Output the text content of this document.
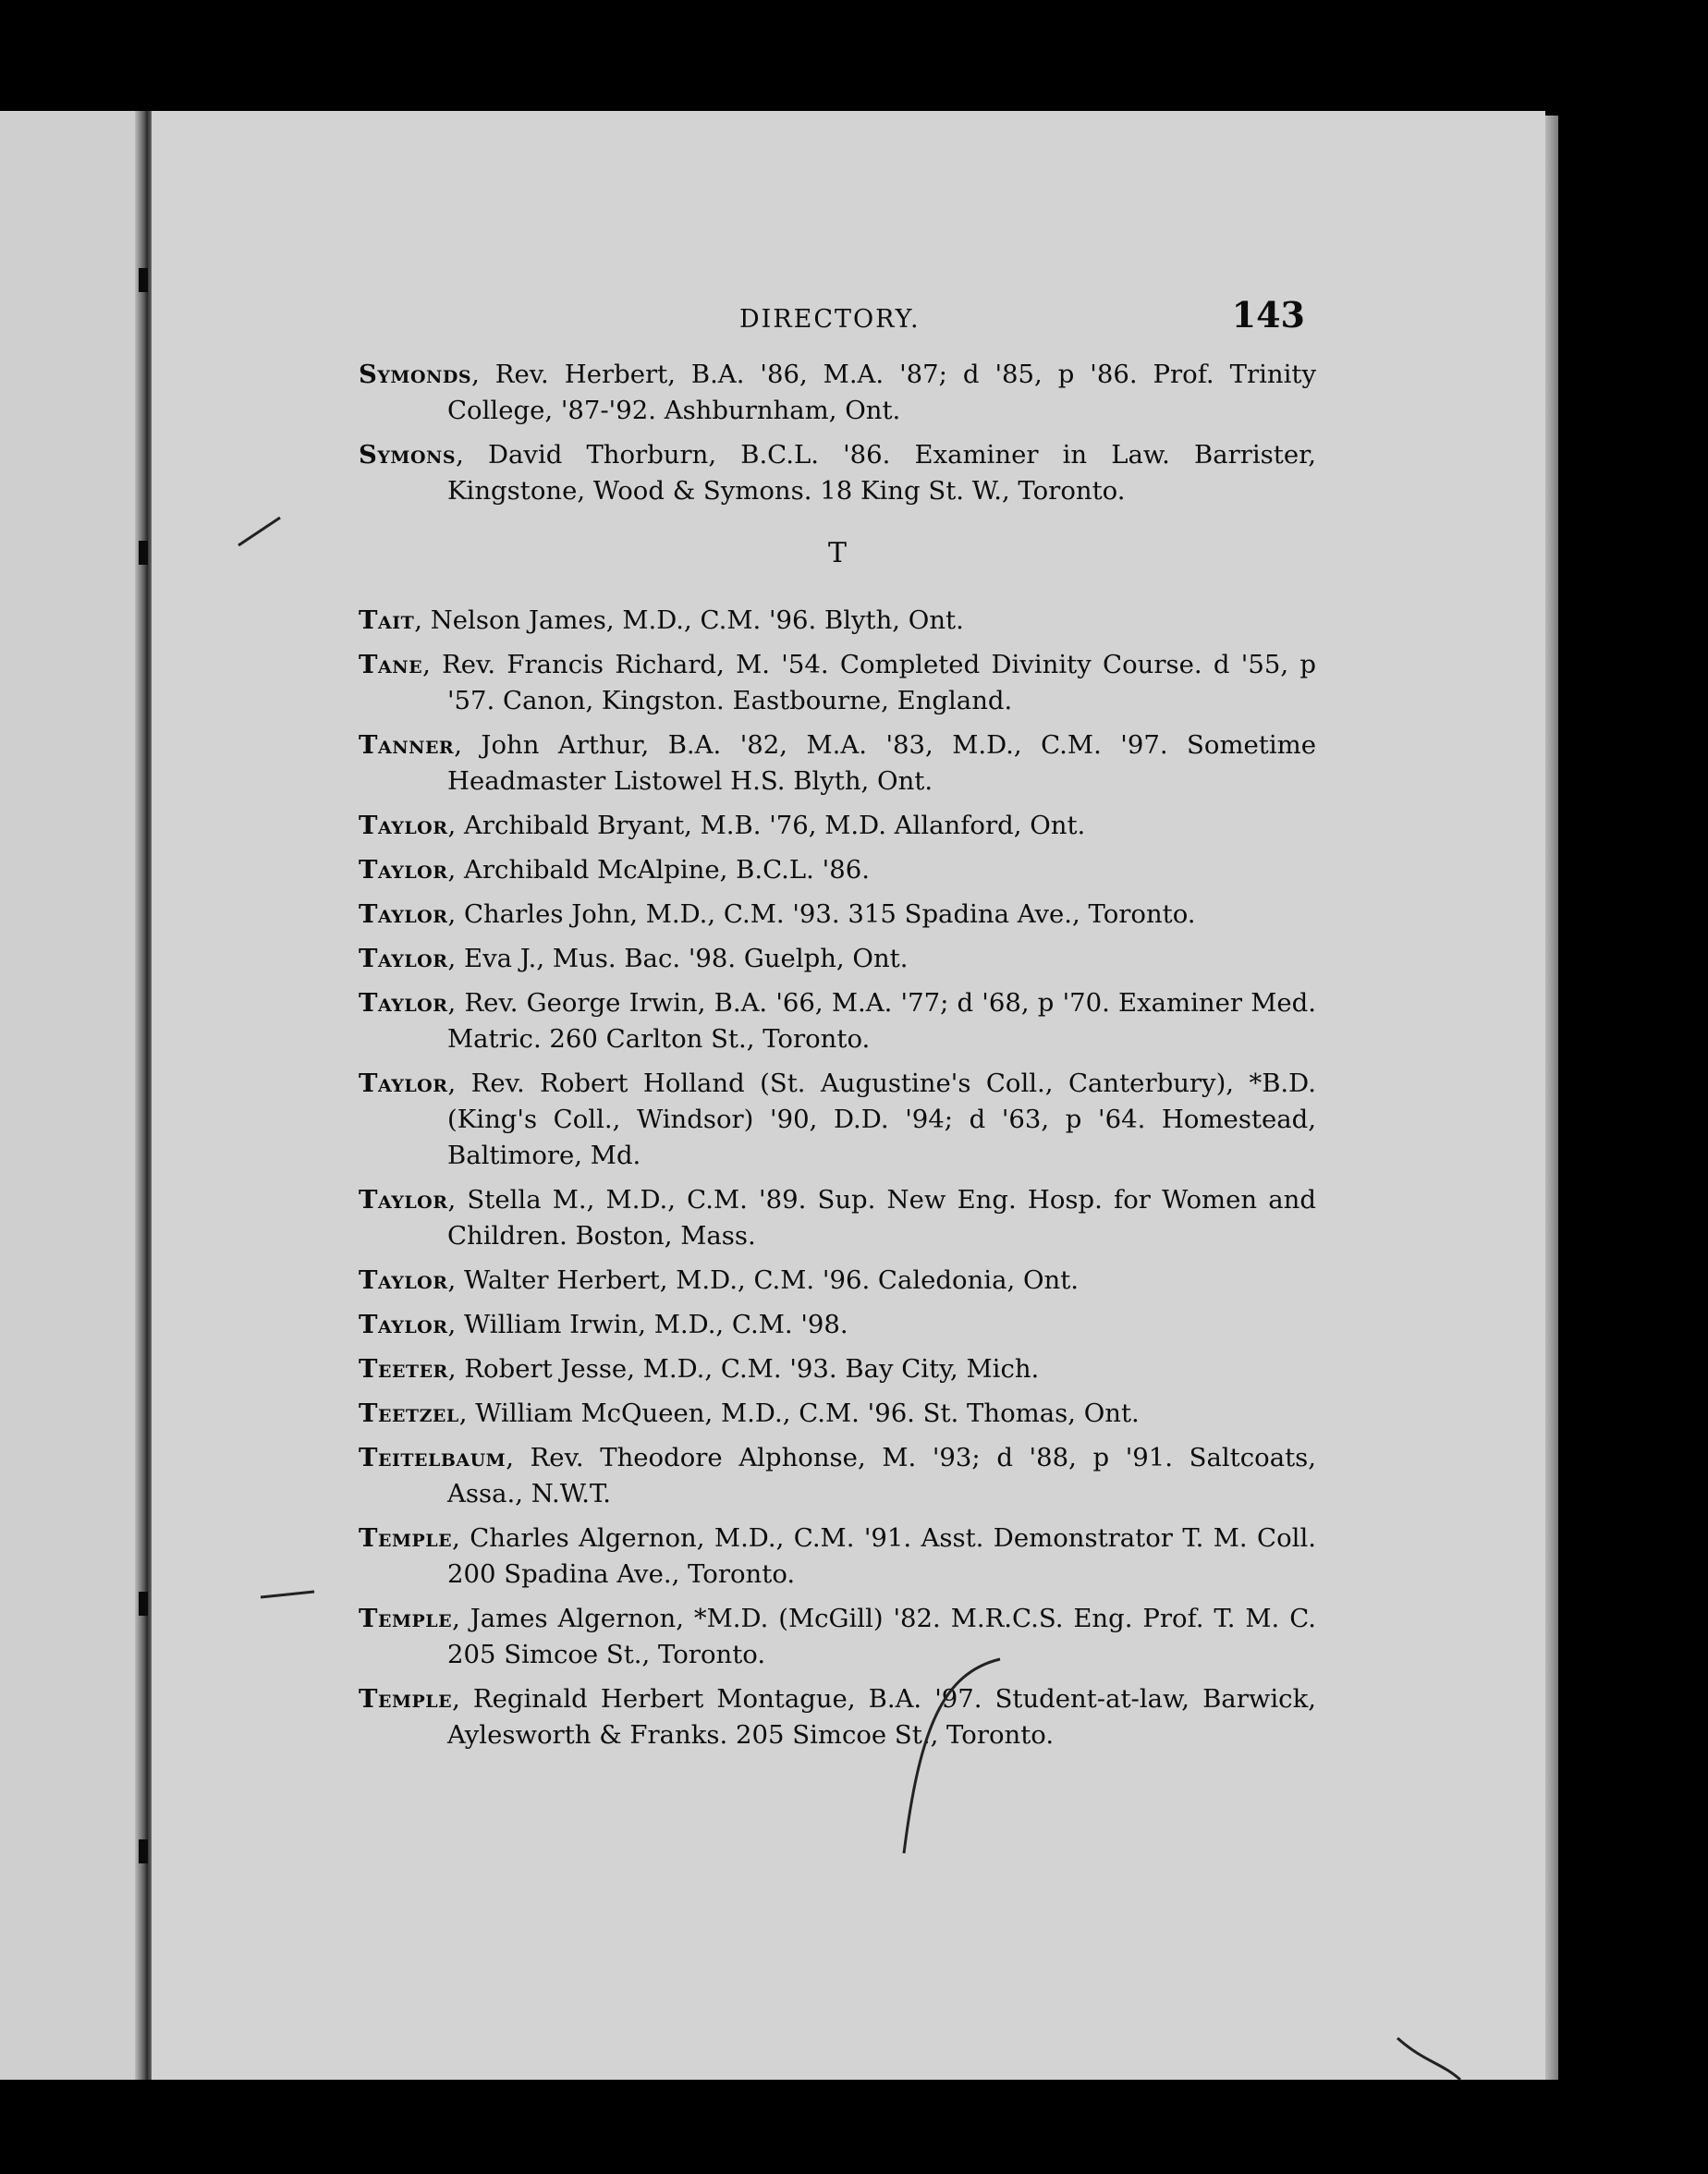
DIRECTORY.	143
Symonds, Rev. Herbert, B.A. '86, M.A. '87; d '85, p '86. Prof. Trinity College, '87-'92. Ashburnham, Ont.
Symons, David Thorburn, B.C.L. '86. Examiner in Law. Barrister, Kingstone, Wood & Symons. 18 King St. W., Toronto.
T
Tait, Nelson James, M.D., C.M. '96. Blyth, Ont.
Tane, Rev. Francis Richard, M. '54. Completed Divinity Course. d '55, p '57. Canon, Kingston. Eastbourne, England.
Tanner, John Arthur, B.A. '82, M.A. '83, M.D., C.M. '97. Sometime Headmaster Listowel H.S. Blyth, Ont.
Taylor, Archibald Bryant, M.B. '76, M.D. Allanford, Ont.
Taylor, Archibald McAlpine, B.C.L. '86.
Taylor, Charles John, M.D., C.M. '93. 315 Spadina Ave., Toronto.
Taylor, Eva J., Mus. Bac. '98. Guelph, Ont.
Taylor, Rev. George Irwin, B.A. '66, M.A. '77; d '68, p '70. Examiner Med. Matric. 260 Carlton St., Toronto.
Taylor, Rev. Robert Holland (St. Augustine's Coll., Canterbury), *B.D. (King's Coll., Windsor) '90, D.D. '94; d '63, p '64. Homestead, Baltimore, Md.
Taylor, Stella M., M.D., C.M. '89. Sup. New Eng. Hosp. for Women and Children. Boston, Mass.
Taylor, Walter Herbert, M.D., C.M. '96. Caledonia, Ont.
Taylor, William Irwin, M.D., C.M. '98.
Teeter, Robert Jesse, M.D., C.M. '93. Bay City, Mich.
Teetzel, William McQueen, M.D., C.M. '96. St. Thomas, Ont.
Teitelbaum, Rev. Theodore Alphonse, M. '93; d '88, p '91. Saltcoats, Assa., N.W.T.
Temple, Charles Algernon, M.D., C.M. '91. Asst. Demonstrator T. M. Coll. 200 Spadina Ave., Toronto.
Temple, James Algernon, *M.D. (McGill) '82. M.R.C.S. Eng. Prof. T. M. C. 205 Simcoe St., Toronto.
Temple, Reginald Herbert Montague, B.A. '97. Student-at-law, Barwick, Aylesworth & Franks. 205 Simcoe St., Toronto.
